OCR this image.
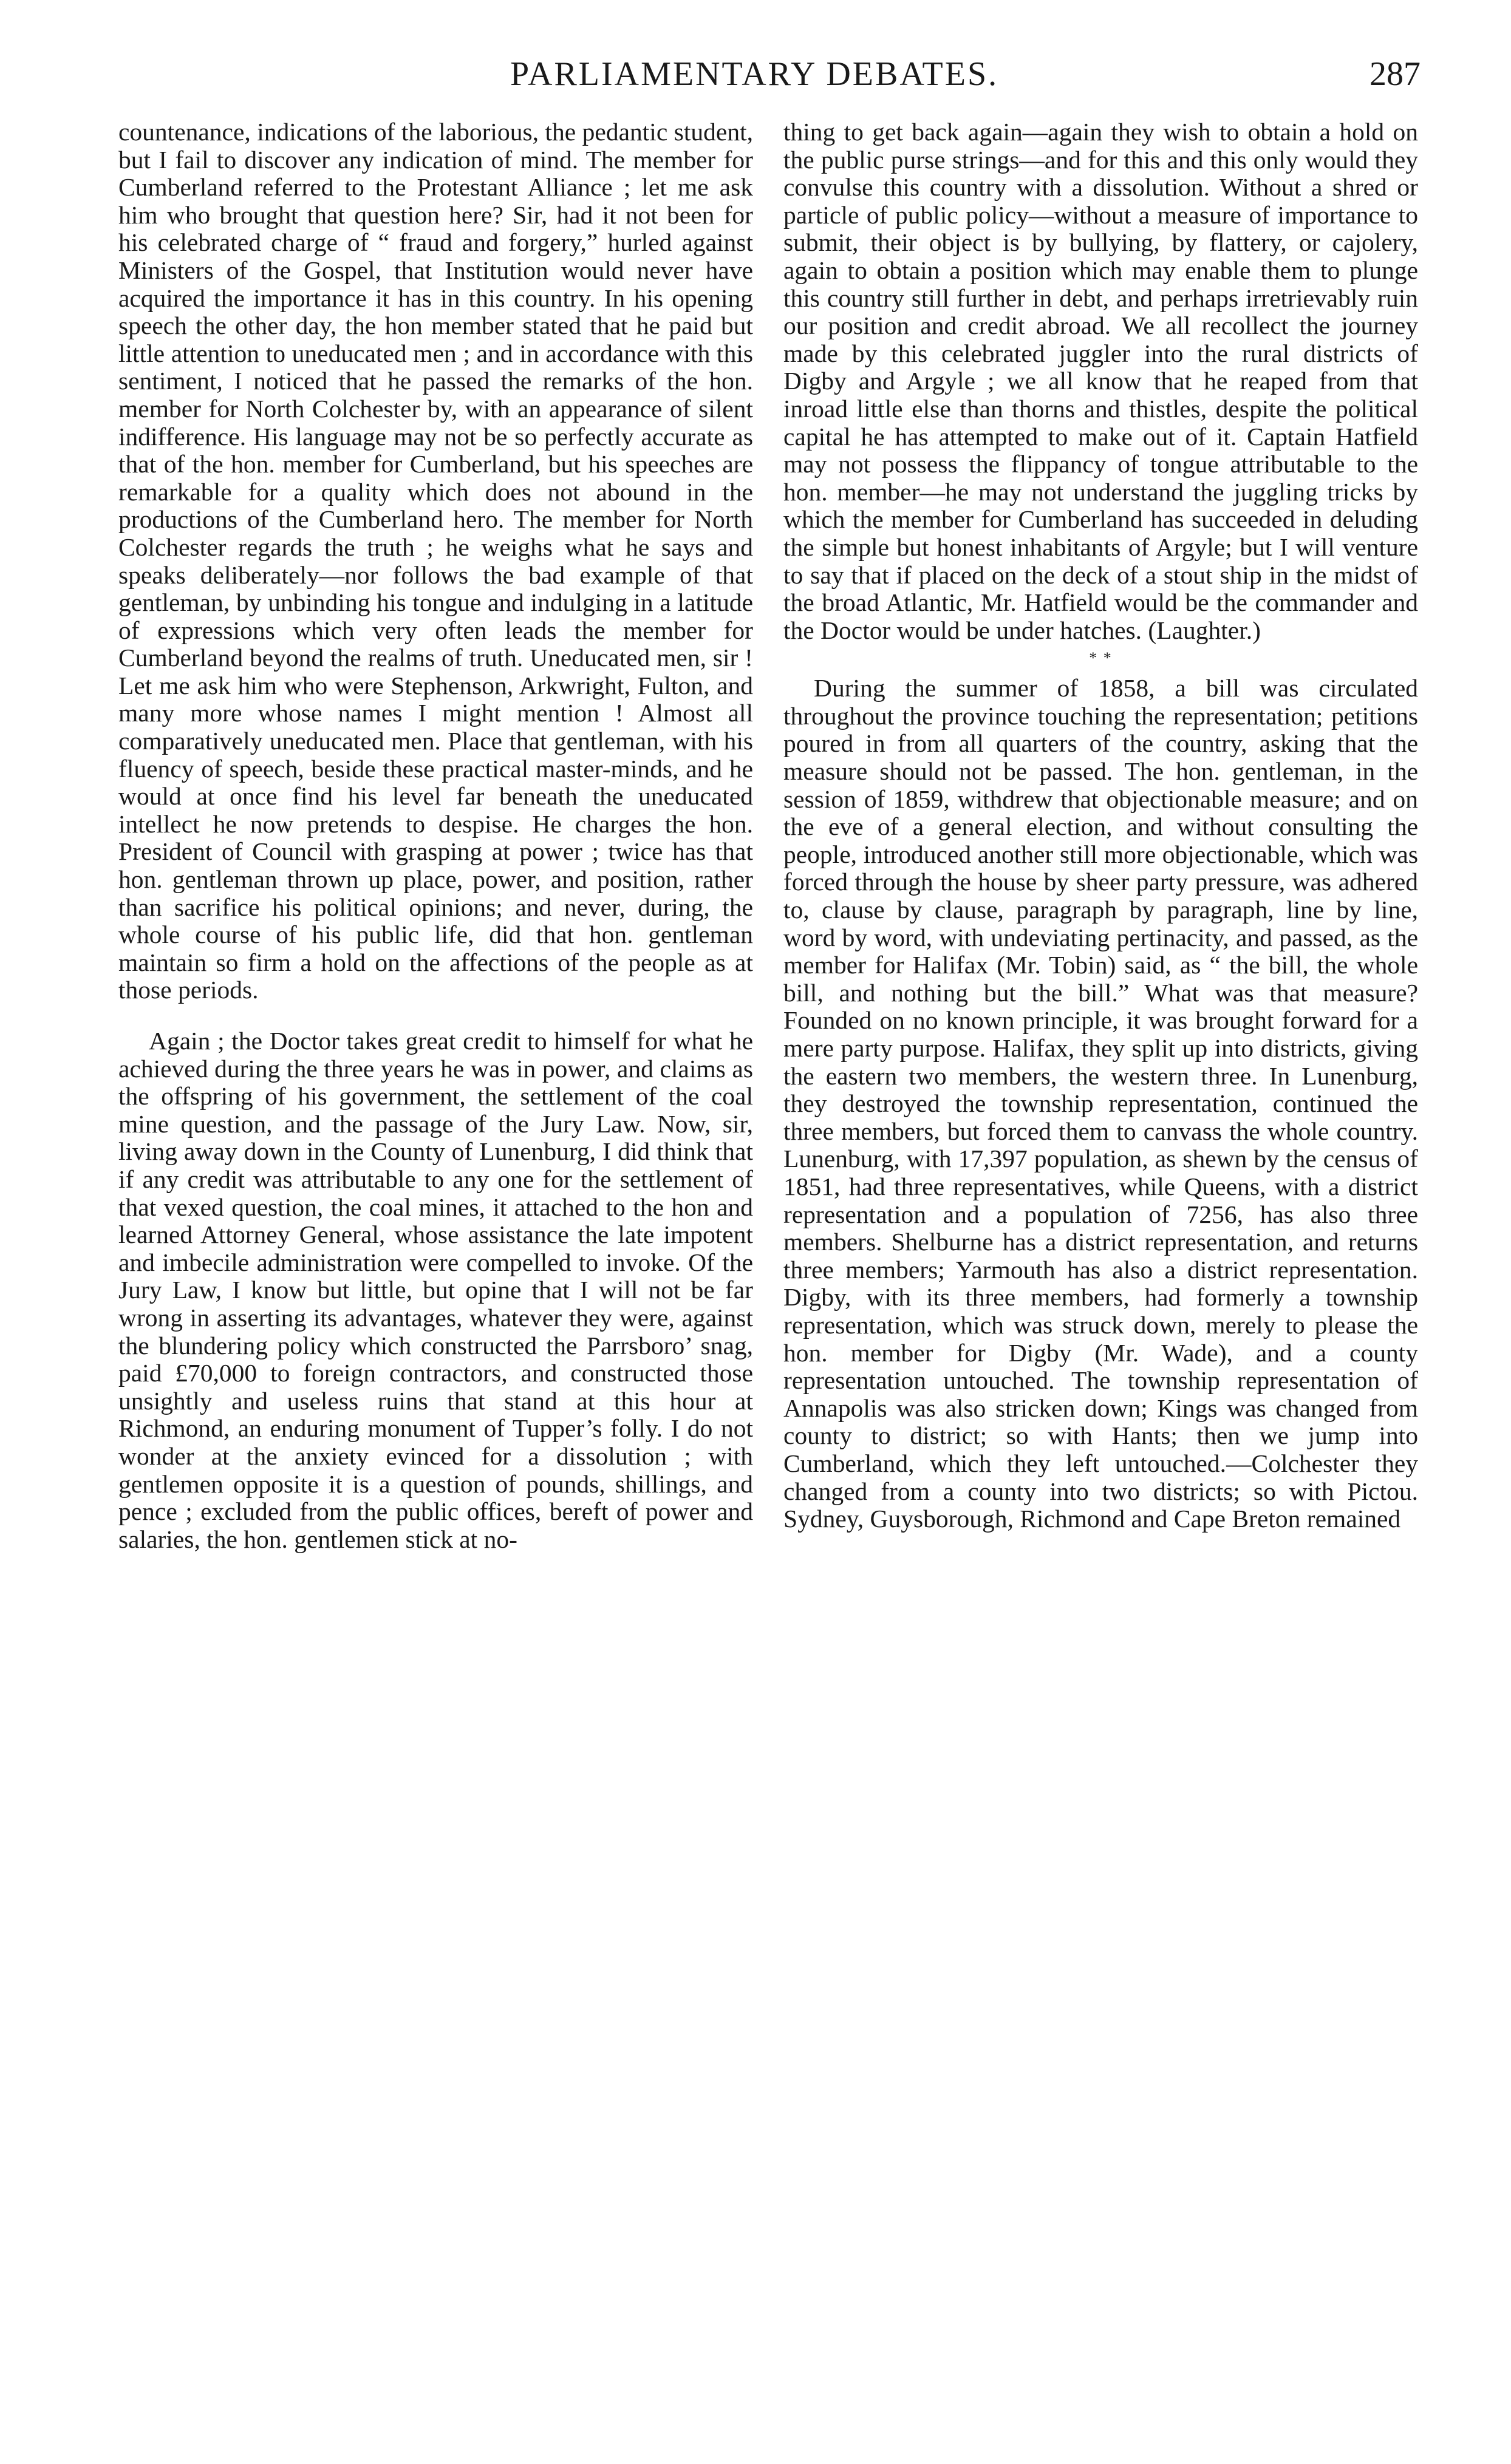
PARLIAMENTARY DEBATES.	287

countenance, indications of the laborious, the pedantic student, but I fail to discover any indication of mind. The member for Cumberland referred to the Protestant Alliance ; let me ask him who brought that question here? Sir, had it not been for his celebrated charge of “ fraud and forgery,” hurled against Ministers of the Gospel, that Institution would never have acquired the importance it has in this country. In his opening speech the other day, the hon member stated that he paid but little attention to uneducated men ; and in accordance with this sentiment, I noticed that he passed the remarks of the hon. member for North Colchester by, with an appearance of silent indifference. His language may not be so perfectly accurate as that of the hon. member for Cumberland, but his speeches are remarkable for a quality which does not abound in the productions of the Cumberland hero. The member for North Colchester regards the truth ; he weighs what he says and speaks deliberately—nor follows the bad example of that gentleman, by unbinding his tongue and indulging in a latitude of expressions which very often leads the member for Cumberland beyond the realms of truth. Uneducated men, sir ! Let me ask him who were Stephenson, Arkwright, Fulton, and many more whose names I might mention ! Almost all comparatively uneducated men. Place that gentleman, with his fluency of speech, beside these practical master-minds, and he would at once find his level far beneath the uneducated intellect he now pretends to despise. He charges the hon. President of Council with grasping at power ; twice has that hon. gentleman thrown up place, power, and position, rather than sacrifice his political opinions; and never, during, the whole course of his public life, did that hon. gentleman maintain so firm a hold on the affections of the people as at those periods.

Again ; the Doctor takes great credit to himself for what he achieved during the three years he was in power, and claims as the offspring of his government, the settlement of the coal mine question, and the passage of the Jury Law. Now, sir, living away down in the County of Lunenburg, I did think that if any credit was attributable to any one for the settlement of that vexed question, the coal mines, it attached to the hon and learned Attorney General, whose assistance the late impotent and imbecile administration were compelled to invoke. Of the Jury Law, I know but little, but opine that I will not be far wrong in asserting its advantages, whatever they were, against the blundering policy which constructed the Parrsboro’ snag, paid £70,000 to foreign contractors, and constructed those unsightly and useless ruins that stand at this hour at Richmond, an enduring monument of Tupper’s folly. I do not wonder at the anxiety evinced for a dissolution ; with gentlemen opposite it is a question of pounds, shillings, and pence ; excluded from the public offices, bereft of power and salaries, the hon. gentlemen stick at no-

thing to get back again—again they wish to obtain a hold on the public purse strings—and for this and this only would they convulse this country with a dissolution. Without a shred or particle of public policy—without a measure of importance to submit, their object is by bullying, by flattery, or cajolery, again to obtain a position which may enable them to plunge this country still further in debt, and perhaps irretrievably ruin our position and credit abroad. We all recollect the journey made by this celebrated juggler into the rural districts of Digby and Argyle ; we all know that he reaped from that inroad little else than thorns and thistles, despite the political capital he has attempted to make out of it. Captain Hatfield may not possess the flippancy of tongue attributable to the hon. member—he may not understand the juggling tricks by which the member for Cumberland has succeeded in deluding the simple but honest inhabitants of Argyle; but I will venture to say that if placed on the deck of a stout ship in the midst of the broad Atlantic, Mr. Hatfield would be the commander and the Doctor would be under hatches. (Laughter.)

* *

During the summer of 1858, a bill was circulated throughout the province touching the representation; petitions poured in from all quarters of the country, asking that the measure should not be passed. The hon. gentleman, in the session of 1859, withdrew that objectionable measure; and on the eve of a general election, and without consulting the people, introduced another still more objectionable, which was forced through the house by sheer party pressure, was adhered to, clause by clause, paragraph by paragraph, line by line, word by word, with undeviating pertinacity, and passed, as the member for Halifax (Mr. Tobin) said, as “ the bill, the whole bill, and nothing but the bill.” What was that measure? Founded on no known principle, it was brought forward for a mere party purpose. Halifax, they split up into districts, giving the eastern two members, the western three. In Lunenburg, they destroyed the township representation, continued the three members, but forced them to canvass the whole country. Lunenburg, with 17,397 population, as shewn by the census of 1851, had three representatives, while Queens, with a district representation and a population of 7256, has also three members. Shelburne has a district representation, and returns three members; Yarmouth has also a district representation. Digby, with its three members, had formerly a township representation, which was struck down, merely to please the hon. member for Digby (Mr. Wade), and a county representation untouched. The township representation of Annapolis was also stricken down; Kings was changed from county to district; so with Hants; then we jump into Cumberland, which they left untouched.—Colchester they changed from a county into two districts; so with Pictou. Sydney, Guysborough, Richmond and Cape Breton remained
